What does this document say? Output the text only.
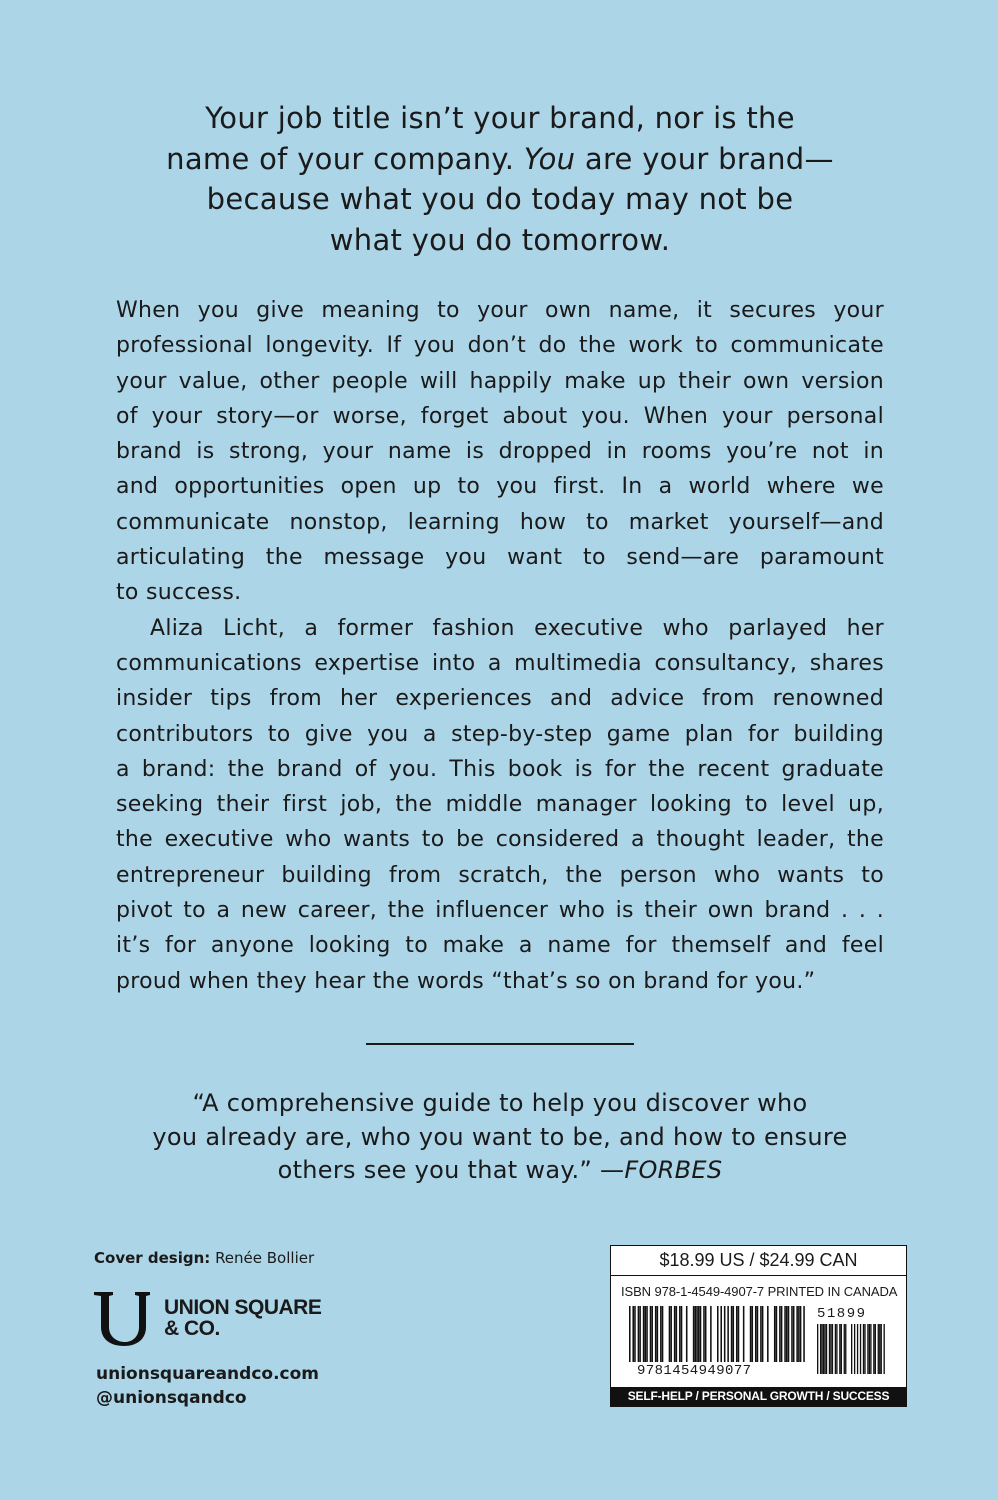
Your job title isn’t your brand, nor is the
name of your company. You are your brand—
because what you do today may not be
what you do tomorrow.
When you give meaning to your own name, it secures your
professional longevity. If you don’t do the work to communicate
your value, other people will happily make up their own version
of your story—or worse, forget about you. When your personal
brand is strong, your name is dropped in rooms you’re not in
and opportunities open up to you first. In a world where we
communicate nonstop, learning how to market yourself—and
articulating the message you want to send—are paramount
to success.
Aliza Licht, a former fashion executive who parlayed her
communications expertise into a multimedia consultancy, shares
insider tips from her experiences and advice from renowned
contributors to give you a step-by-step game plan for building
a brand: the brand of you. This book is for the recent graduate
seeking their first job, the middle manager looking to level up,
the executive who wants to be considered a thought leader, the
entrepreneur building from scratch, the person who wants to
pivot to a new career, the influencer who is their own brand . . .
it’s for anyone looking to make a name for themself and feel
proud when they hear the words “that’s so on brand for you.”
“A comprehensive guide to help you discover who
you already are, who you want to be, and how to ensure
others see you that way.” —FORBES
Cover design: Renée Bollier
UNION SQUARE
& CO.
unionsquareandco.com
@unionsqandco
$18.99 US / $24.99 CAN
ISBN 978-1-4549-4907-7 PRINTED IN CANADA
9781454949077
51899
SELF-HELP / PERSONAL GROWTH / SUCCESS
